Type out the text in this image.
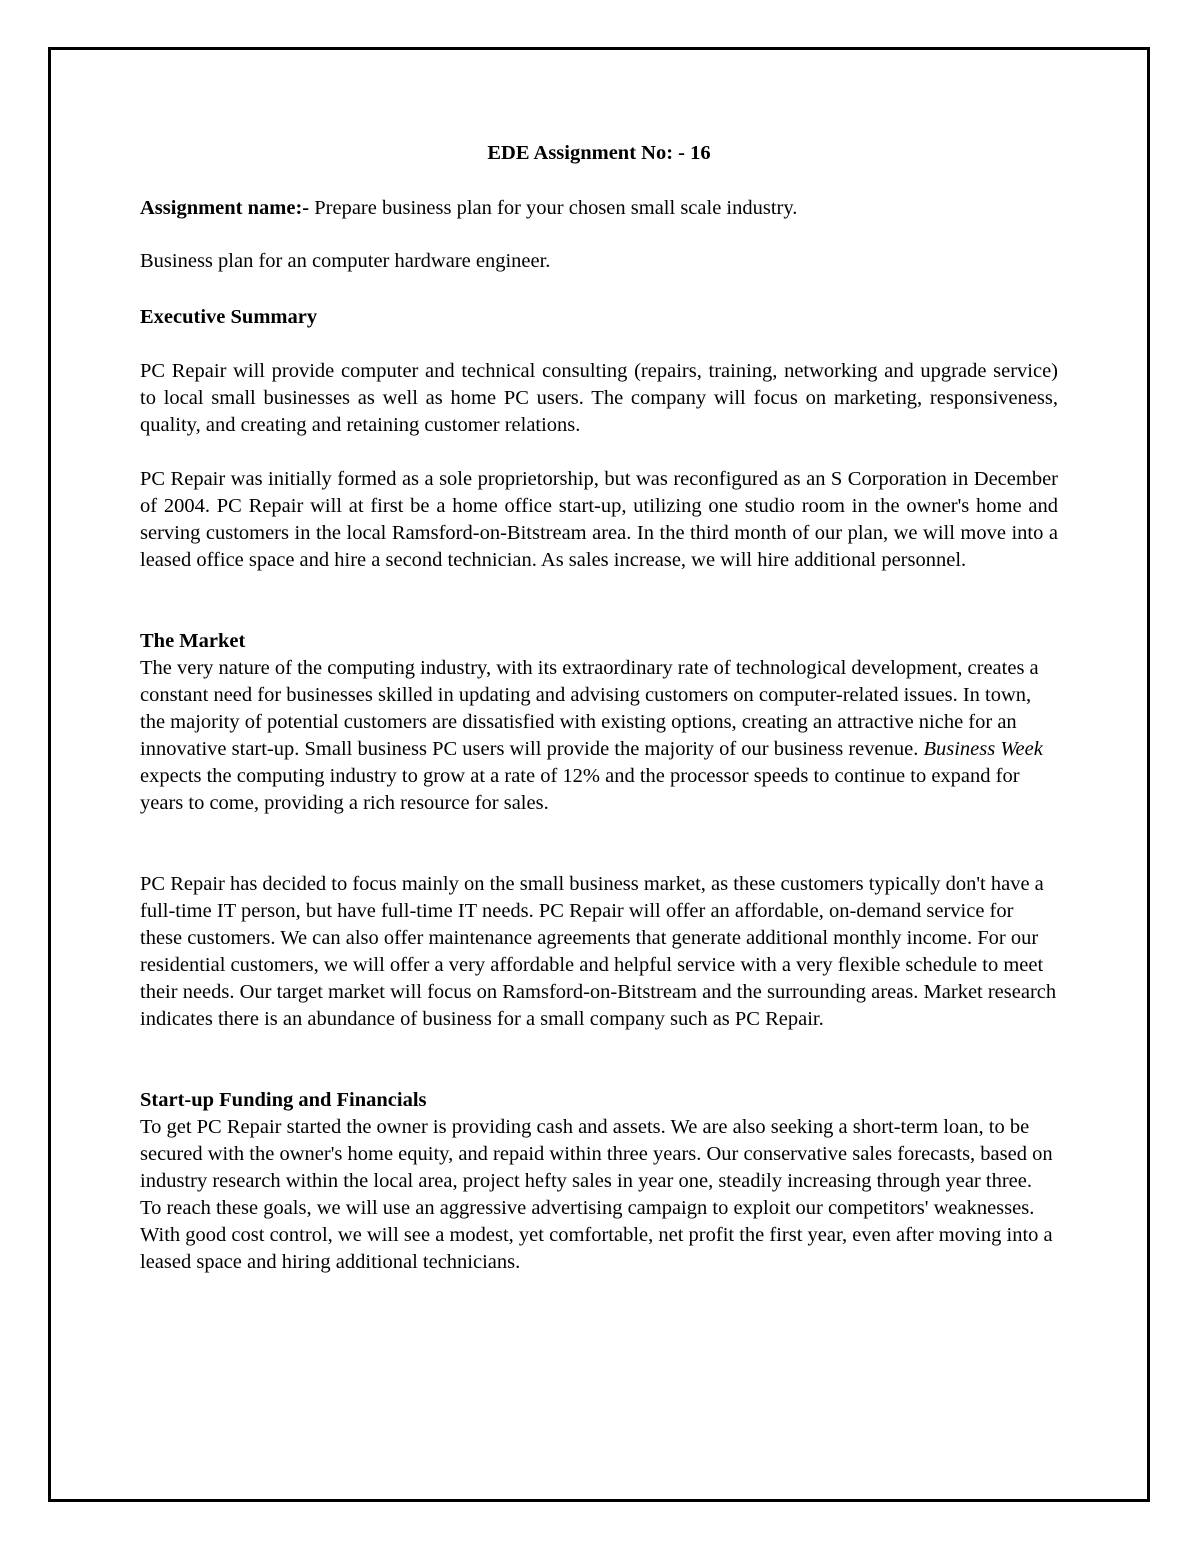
EDE Assignment No: - 16

Assignment name:- Prepare business plan for your chosen small scale industry.

Business plan for an computer hardware engineer.

Executive Summary

PC Repair will provide computer and technical consulting (repairs, training, networking and upgrade service) to local small businesses as well as home PC users. The company will focus on marketing, responsiveness, quality, and creating and retaining customer relations.

PC Repair was initially formed as a sole proprietorship, but was reconfigured as an S Corporation in December of 2004. PC Repair will at first be a home office start-up, utilizing one studio room in the owner's home and serving customers in the local Ramsford-on-Bitstream area. In the third month of our plan, we will move into a leased office space and hire a second technician. As sales increase, we will hire additional personnel.

The Market

The very nature of the computing industry, with its extraordinary rate of technological development, creates a constant need for businesses skilled in updating and advising customers on computer-related issues. In town, the majority of potential customers are dissatisfied with existing options, creating an attractive niche for an innovative start-up. Small business PC users will provide the majority of our business revenue. Business Week expects the computing industry to grow at a rate of 12% and the processor speeds to continue to expand for years to come, providing a rich resource for sales.

PC Repair has decided to focus mainly on the small business market, as these customers typically don't have a full-time IT person, but have full-time IT needs. PC Repair will offer an affordable, on-demand service for these customers. We can also offer maintenance agreements that generate additional monthly income. For our residential customers, we will offer a very affordable and helpful service with a very flexible schedule to meet their needs. Our target market will focus on Ramsford-on-Bitstream and the surrounding areas. Market research indicates there is an abundance of business for a small company such as PC Repair.

Start-up Funding and Financials

To get PC Repair started the owner is providing cash and assets. We are also seeking a short-term loan, to be secured with the owner's home equity, and repaid within three years. Our conservative sales forecasts, based on industry research within the local area, project hefty sales in year one, steadily increasing through year three. To reach these goals, we will use an aggressive advertising campaign to exploit our competitors' weaknesses. With good cost control, we will see a modest, yet comfortable, net profit the first year, even after moving into a leased space and hiring additional technicians.
